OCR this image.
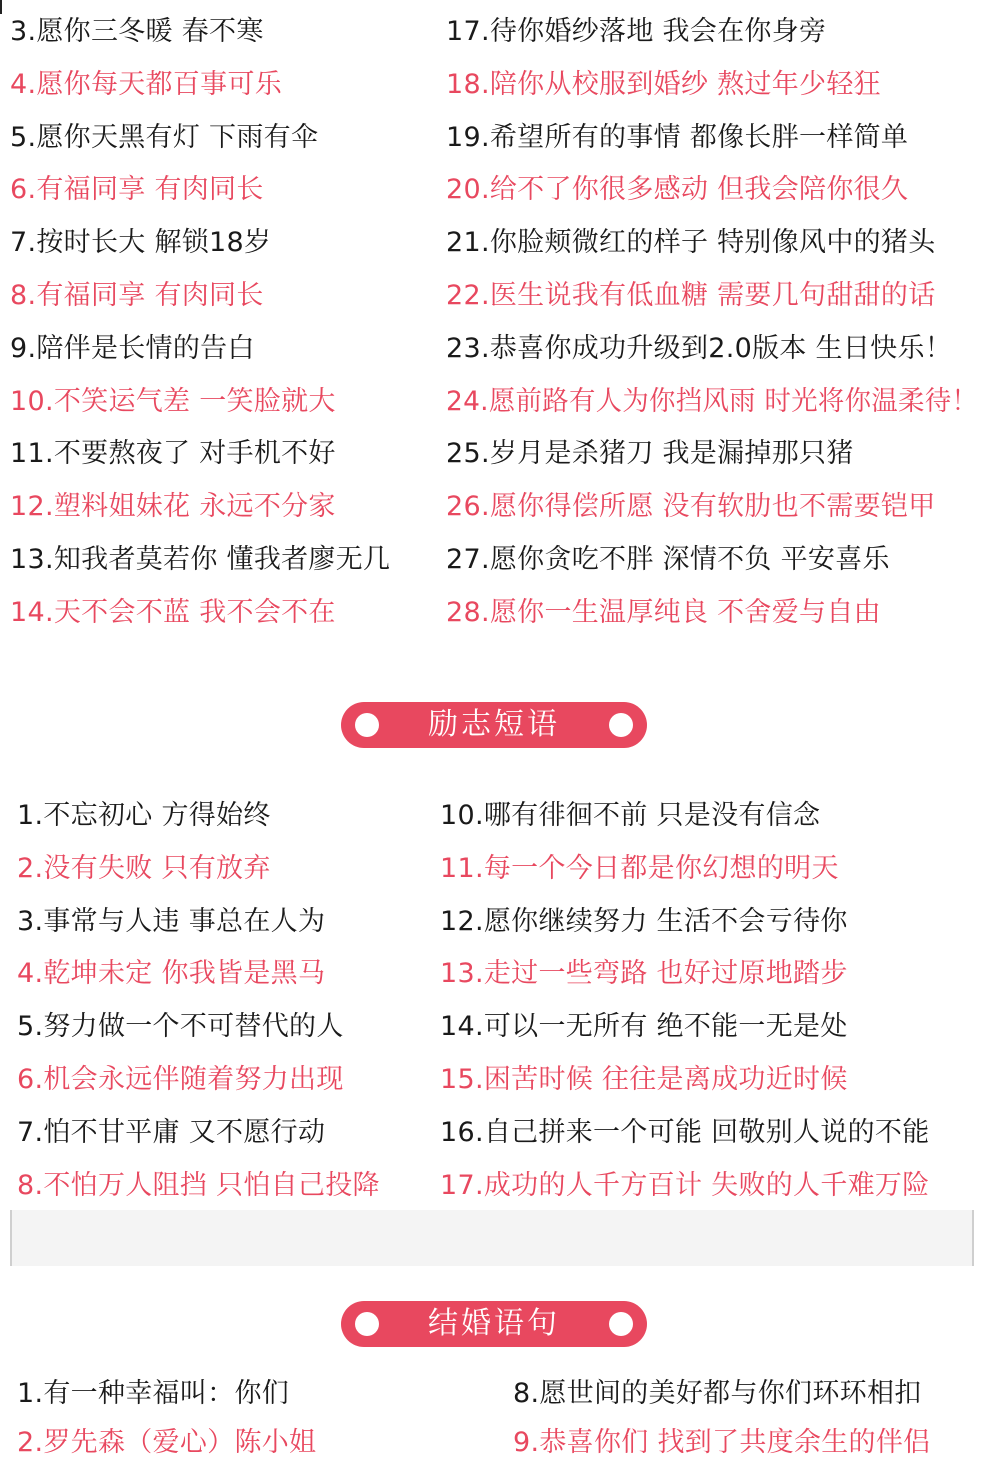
3.愿你三冬暖 春不寒
4.愿你每天都百事可乐
5.愿你天黑有灯 下雨有伞
6.有福同享 有肉同长
7.按时长大 解锁18岁
8.有福同享 有肉同长
9.陪伴是长情的告白
10.不笑运气差 一笑脸就大
11.不要熬夜了 对手机不好
12.塑料姐妹花 永远不分家
13.知我者莫若你 懂我者廖无几
14.天不会不蓝 我不会不在
17.待你婚纱落地 我会在你身旁
18.陪你从校服到婚纱 熬过年少轻狂
19.希望所有的事情 都像长胖一样简单
20.给不了你很多感动 但我会陪你很久
21.你脸颊微红的样子 特别像风中的猪头
22.医生说我有低血糖 需要几句甜甜的话
23.恭喜你成功升级到2.0版本 生日快乐！
24.愿前路有人为你挡风雨 时光将你温柔待！
25.岁月是杀猪刀 我是漏掉那只猪
26.愿你得偿所愿 没有软肋也不需要铠甲
27.愿你贪吃不胖 深情不负 平安喜乐
28.愿你一生温厚纯良 不舍爱与自由
励志短语
1.不忘初心 方得始终
2.没有失败 只有放弃
3.事常与人违 事总在人为
4.乾坤未定 你我皆是黑马
5.努力做一个不可替代的人
6.机会永远伴随着努力出现
7.怕不甘平庸 又不愿行动
8.不怕万人阻挡 只怕自己投降
10.哪有徘徊不前 只是没有信念
11.每一个今日都是你幻想的明天
12.愿你继续努力 生活不会亏待你
13.走过一些弯路 也好过原地踏步
14.可以一无所有 绝不能一无是处
15.困苦时候 往往是离成功近时候
16.自己拼来一个可能 回敬别人说的不能
17.成功的人千方百计 失败的人千难万险
结婚语句
1.有一种幸福叫：你们
2.罗先森（爱心）陈小姐
8.愿世间的美好都与你们环环相扣
9.恭喜你们 找到了共度余生的伴侣
